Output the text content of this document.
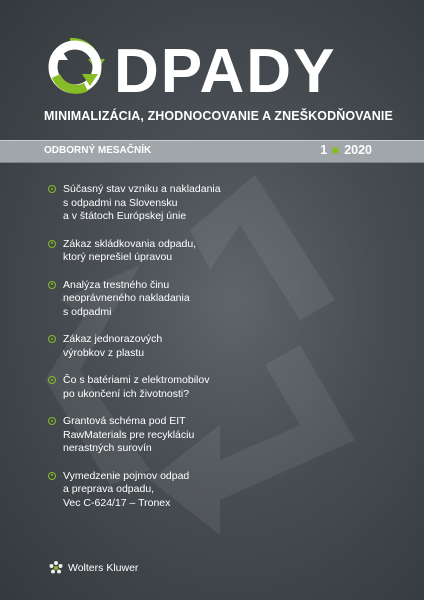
DPADY
MINIMALIZÁCIA, ZHODNOCOVANIE A ZNEŠKODŇOVANIE
ODBORNÝ MESAČNÍK	1 2020
Súčasný stav vzniku a nakladania
s odpadmi na Slovensku
a v štátoch Európskej únie
Zákaz skládkovania odpadu,
ktorý neprešiel úpravou
Analýza trestného činu
neoprávneného nakladania
s odpadmi
Zákaz jednorazových
výrobkov z plastu
Čo s batériami z elektromobilov
po ukončení ich životnosti?
Grantová schéma pod EIT
RawMaterials pre recykláciu
nerastných surovín
Vymedzenie pojmov odpad
a preprava odpadu,
Vec C-624/17 – Tronex
Wolters Kluwer
